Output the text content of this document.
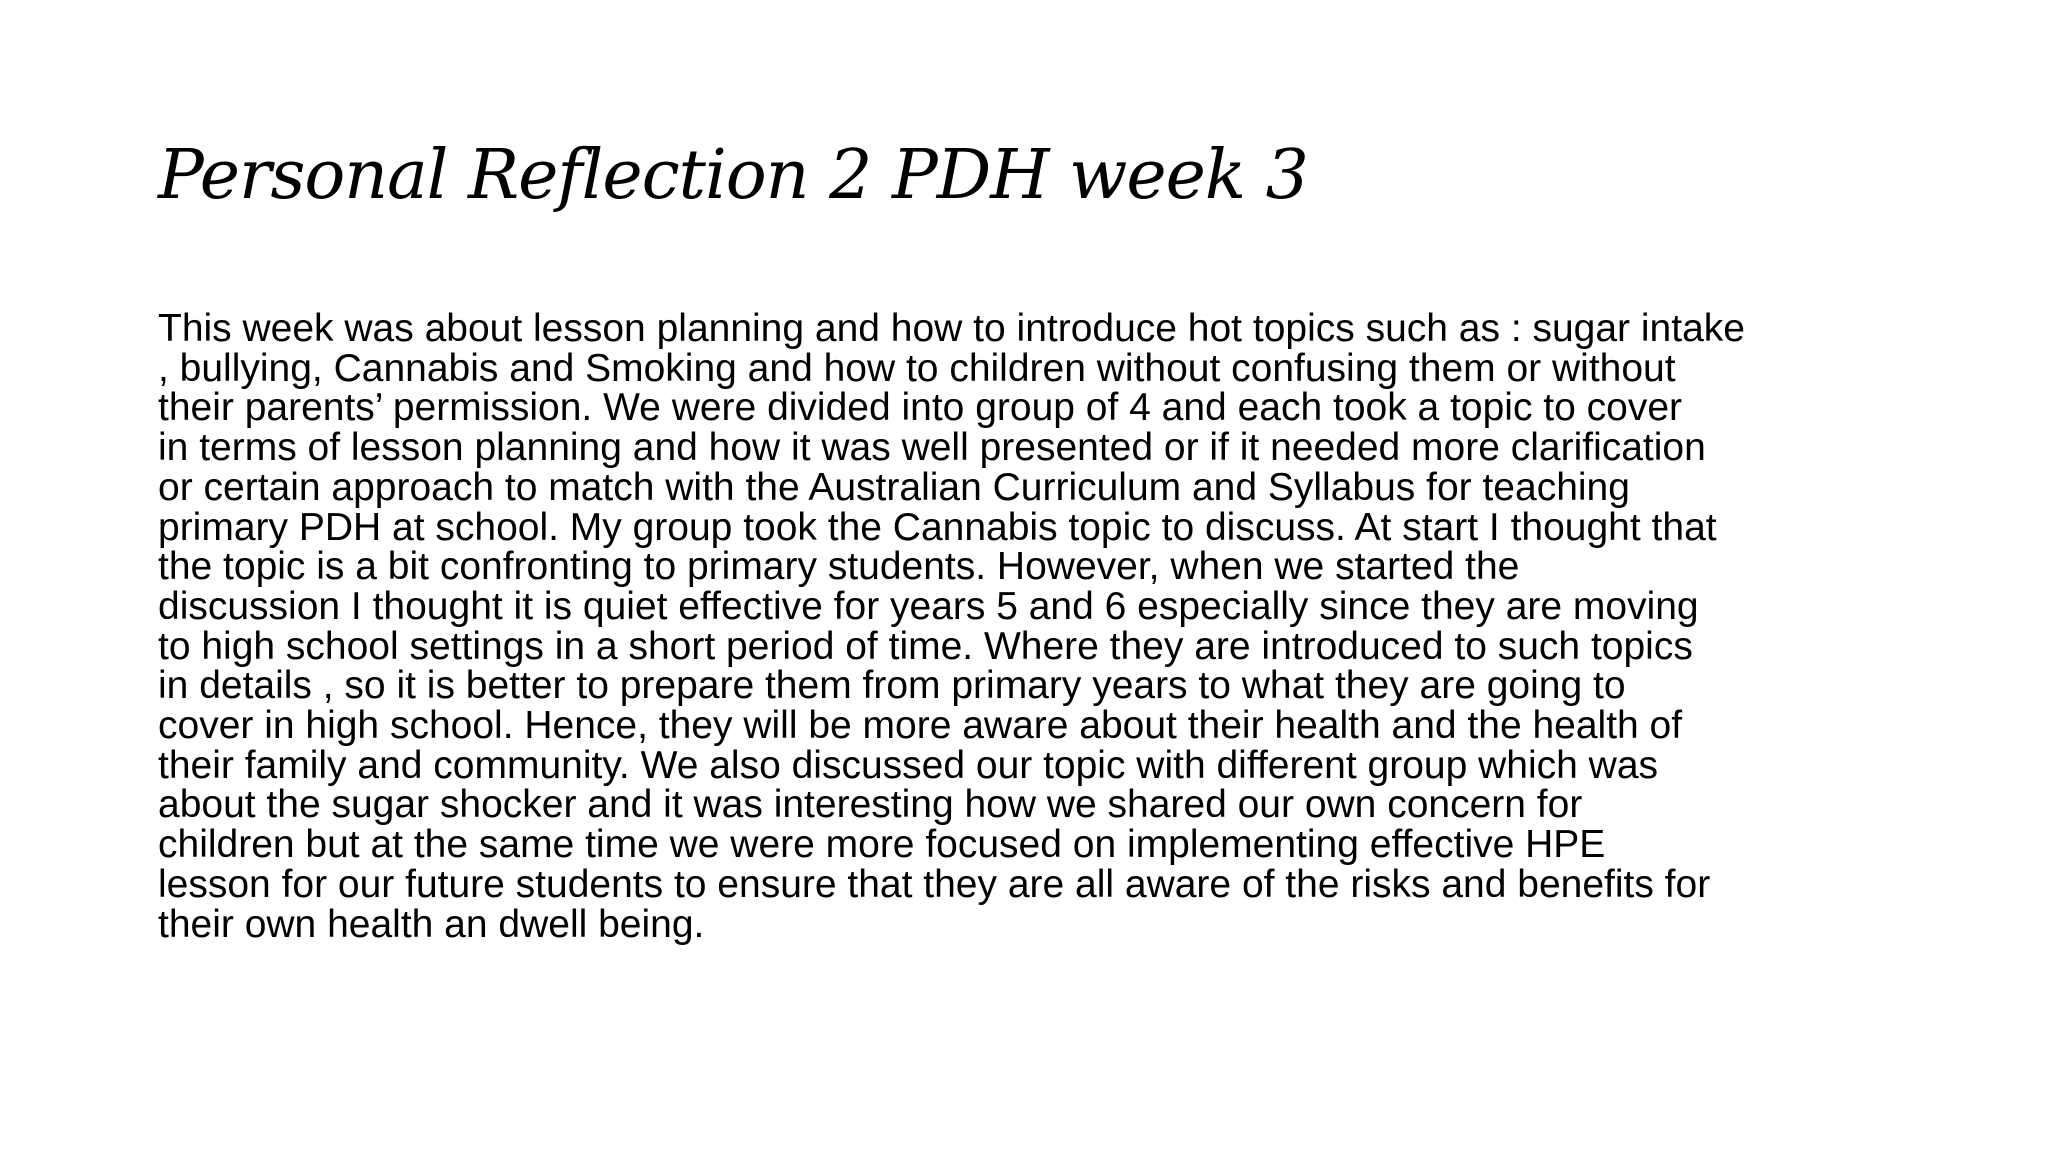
Personal Reflection 2 PDH week 3
This week was about lesson planning and how to introduce hot topics such as : sugar intake
, bullying, Cannabis and Smoking and how to children without confusing them or without
their parents’ permission. We were divided into group of 4 and each took a topic to cover
in terms of lesson planning and how it was well presented or if it needed more clarification
or certain approach to match with the Australian Curriculum and Syllabus for teaching
primary PDH at school. My group took the Cannabis topic to discuss. At start I thought that
the topic is a bit confronting to primary students. However, when we started the
discussion I thought it is quiet effective for years 5 and 6 especially since they are moving
to high school settings in a short period of time. Where they are introduced to such topics
in details , so it is better to prepare them from primary years to what they are going to
cover in high school. Hence, they will be more aware about their health and the health of
their family and community. We also discussed our topic with different group which was
about the sugar shocker and it was interesting how we shared our own concern for
children but at the same time we were more focused on implementing effective HPE
lesson for our future students to ensure that they are all aware of the risks and benefits for
their own health an dwell being.
